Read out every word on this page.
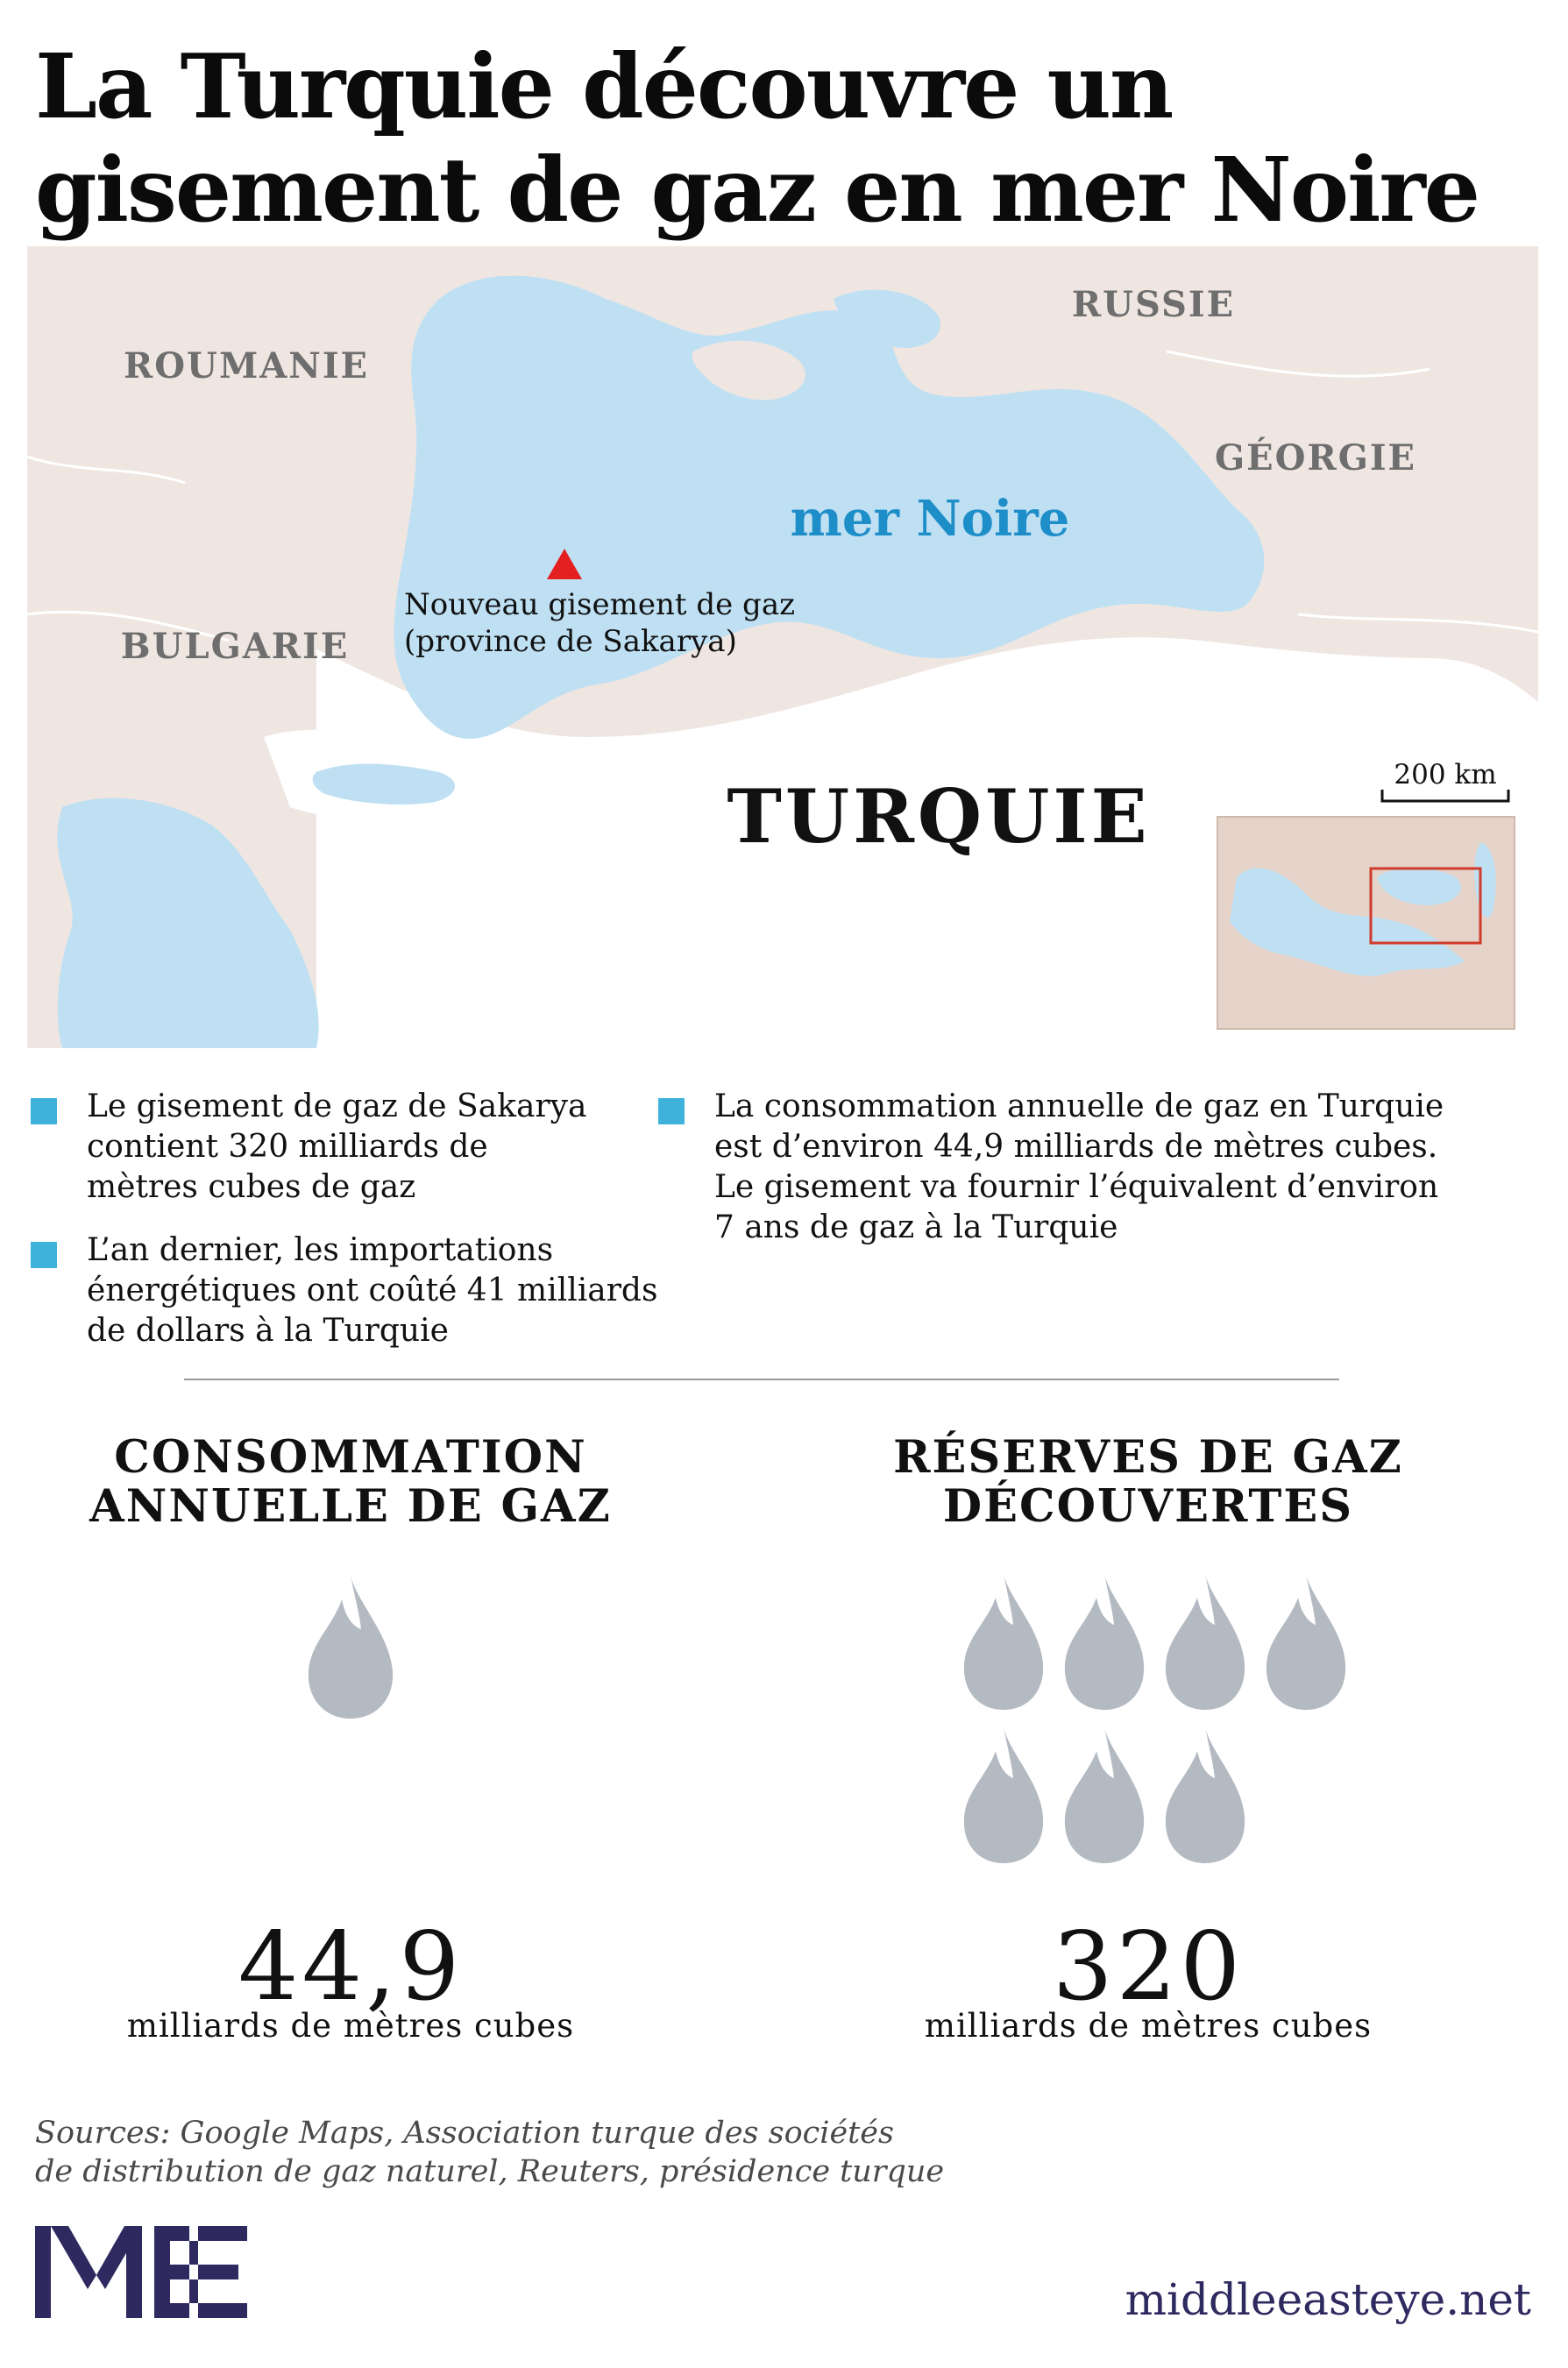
La Turquie découvre un gisement de gaz en mer Noire
RUSSIE
ROUMANIE
GÉORGIE
BULGARIE
mer Noire
TURQUIE
Nouveau gisement de gaz
(province de Sakarya)
200 km
Le gisement de gaz de Sakarya
contient 320 milliards de
mètres cubes de gaz
L’an dernier, les importations
énergétiques ont coûté 41 milliards
de dollars à la Turquie
La consommation annuelle de gaz en Turquie
est d’environ 44,9 milliards de mètres cubes.
Le gisement va fournir l’équivalent d’environ
7 ans de gaz à la Turquie
CONSOMMATION
ANNUELLE DE GAZ
RÉSERVES DE GAZ
DÉCOUVERTES
44,9
milliards de mètres cubes
320
milliards de mètres cubes
Sources: Google Maps, Association turque des sociétés
de distribution de gaz naturel, Reuters, présidence turque
middleeasteye.net
